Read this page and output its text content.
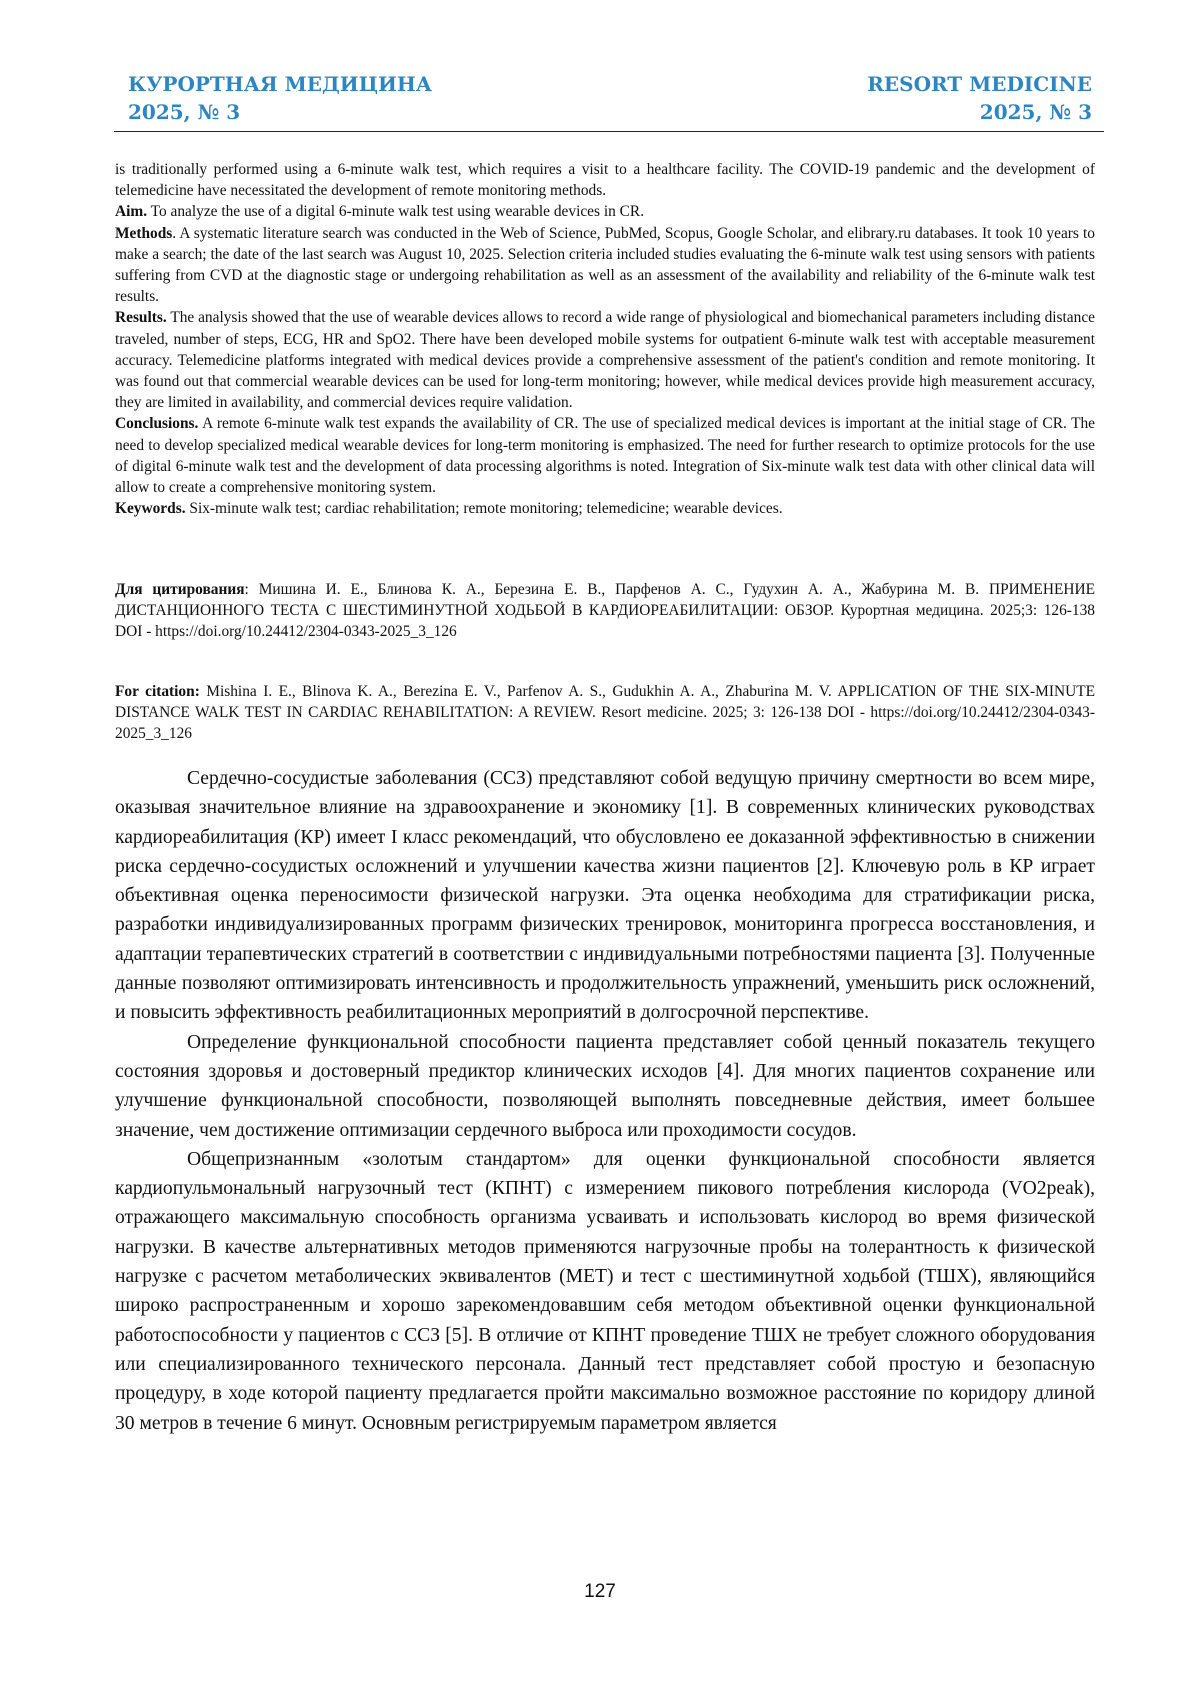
КУРОРТНАЯ МЕДИЦИНА
2025, № 3
RESORT MEDICINE
2025, № 3

is traditionally performed using a 6-minute walk test, which requires a visit to a healthcare facility. The COVID-19 pandemic and the development of telemedicine have necessitated the development of remote monitoring methods.

Aim. To analyze the use of a digital 6-minute walk test using wearable devices in CR.

Methods. A systematic literature search was conducted in the Web of Science, PubMed, Scopus, Google Scholar, and elibrary.ru databases. It took 10 years to make a search; the date of the last search was August 10, 2025. Selection criteria included studies evaluating the 6-minute walk test using sensors with patients suffering from CVD at the diagnostic stage or undergoing rehabilitation as well as an assessment of the availability and reliability of the 6-minute walk test results.

Results. The analysis showed that the use of wearable devices allows to record a wide range of physiological and biomechanical parameters including distance traveled, number of steps, ECG, HR and SpO2. There have been developed mobile systems for outpatient 6-minute walk test with acceptable measurement accuracy. Telemedicine platforms integrated with medical devices provide a comprehensive assessment of the patient's condition and remote monitoring. It was found out that commercial wearable devices can be used for long-term monitoring; however, while medical devices provide high measurement accuracy, they are limited in availability, and commercial devices require validation.

Conclusions. A remote 6-minute walk test expands the availability of CR. The use of specialized medical devices is important at the initial stage of CR. The need to develop specialized medical wearable devices for long-term monitoring is emphasized. The need for further research to optimize protocols for the use of digital 6-minute walk test and the development of data processing algorithms is noted. Integration of Six-minute walk test data with other clinical data will allow to create a comprehensive monitoring system.

Keywords. Six-minute walk test; cardiac rehabilitation; remote monitoring; telemedicine; wearable devices.

Для цитирования: Мишина И. Е., Блинова К. А., Березина Е. В., Парфенов А. С., Гудухин А. А., Жабурина М. В. ПРИМЕНЕНИЕ ДИСТАНЦИОННОГО ТЕСТА С ШЕСТИМИНУТНОЙ ХОДЬБОЙ В КАРДИОРЕАБИЛИТАЦИИ: ОБЗОР. Курортная медицина. 2025;3: 126-138 DOI - https://doi.org/10.24412/2304-0343-2025_3_126

For citation: Mishina I. E., Blinova K. A., Berezina E. V., Parfenov A. S., Gudukhin A. A., Zhaburina M. V. APPLICATION OF THE SIX-MINUTE DISTANCE WALK TEST IN CARDIAC REHABILITATION: A REVIEW. Resort medicine. 2025; 3: 126-138 DOI - https://doi.org/10.24412/2304-0343-2025_3_126

Сердечно-сосудистые заболевания (ССЗ) представляют собой ведущую причину смертности во всем мире, оказывая значительное влияние на здравоохранение и экономику [1]. В современных клинических руководствах кардиореабилитация (КР) имеет I класс рекомендаций, что обусловлено ее доказанной эффективностью в снижении риска сердечно-сосудистых осложнений и улучшении качества жизни пациентов [2]. Ключевую роль в КР играет объективная оценка переносимости физической нагрузки. Эта оценка необходима для стратификации риска, разработки индивидуализированных программ физических тренировок, мониторинга прогресса восстановления, и адаптации терапевтических стратегий в соответствии с индивидуальными потребностями пациента [3]. Полученные данные позволяют оптимизировать интенсивность и продолжительность упражнений, уменьшить риск осложнений, и повысить эффективность реабилитационных мероприятий в долгосрочной перспективе.

Определение функциональной способности пациента представляет собой ценный показатель текущего состояния здоровья и достоверный предиктор клинических исходов [4]. Для многих пациентов сохранение или улучшение функциональной способности, позволяющей выполнять повседневные действия, имеет большее значение, чем достижение оптимизации сердечного выброса или проходимости сосудов.

Общепризнанным «золотым стандартом» для оценки функциональной способности является кардиопульмональный нагрузочный тест (КПНТ) с измерением пикового потребления кислорода (VO2peak), отражающего максимальную способность организма усваивать и использовать кислород во время физической нагрузки. В качестве альтернативных методов применяются нагрузочные пробы на толерантность к физической нагрузке с расчетом метаболических эквивалентов (МЕТ) и тест с шестиминутной ходьбой (ТШХ), являющийся широко распространенным и хорошо зарекомендовавшим себя методом объективной оценки функциональной работоспособности у пациентов с ССЗ [5]. В отличие от КПНТ проведение ТШХ не требует сложного оборудования или специализированного технического персонала. Данный тест представляет собой простую и безопасную процедуру, в ходе которой пациенту предлагается пройти максимально возможное расстояние по коридору длиной 30 метров в течение 6 минут. Основным регистрируемым параметром является

127
